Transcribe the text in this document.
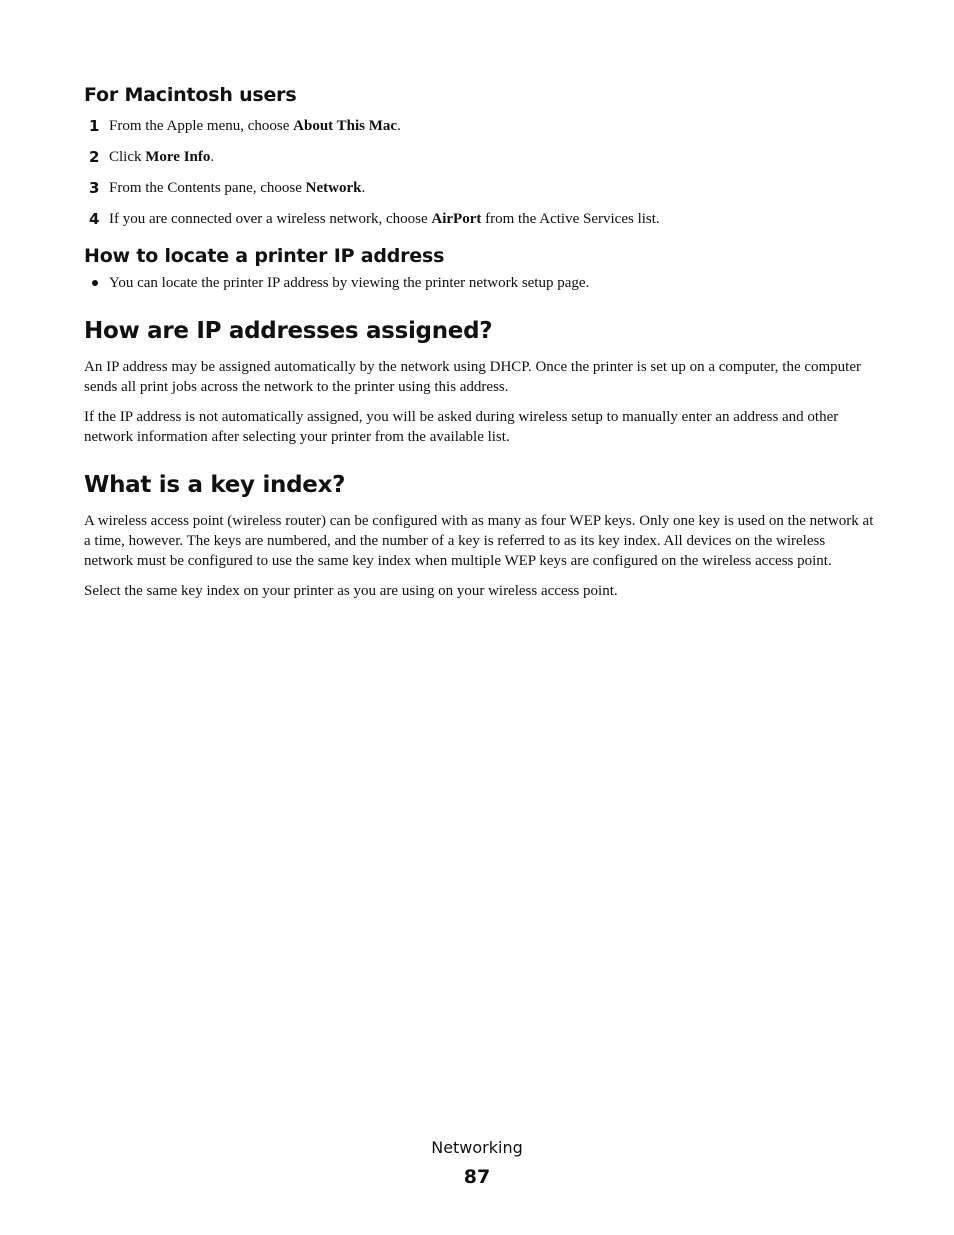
For Macintosh users
1 From the Apple menu, choose About This Mac.
2 Click More Info.
3 From the Contents pane, choose Network.
4 If you are connected over a wireless network, choose AirPort from the Active Services list.
How to locate a printer IP address
You can locate the printer IP address by viewing the printer network setup page.
How are IP addresses assigned?

An IP address may be assigned automatically by the network using DHCP. Once the printer is set up on a computer, the computer sends all print jobs across the network to the printer using this address.

If the IP address is not automatically assigned, you will be asked during wireless setup to manually enter an address and other network information after selecting your printer from the available list.

What is a key index?

A wireless access point (wireless router) can be configured with as many as four WEP keys. Only one key is used on the network at a time, however. The keys are numbered, and the number of a key is referred to as its key index. All devices on the wireless network must be configured to use the same key index when multiple WEP keys are configured on the wireless access point.

Select the same key index on your printer as you are using on your wireless access point.

Networking
87
